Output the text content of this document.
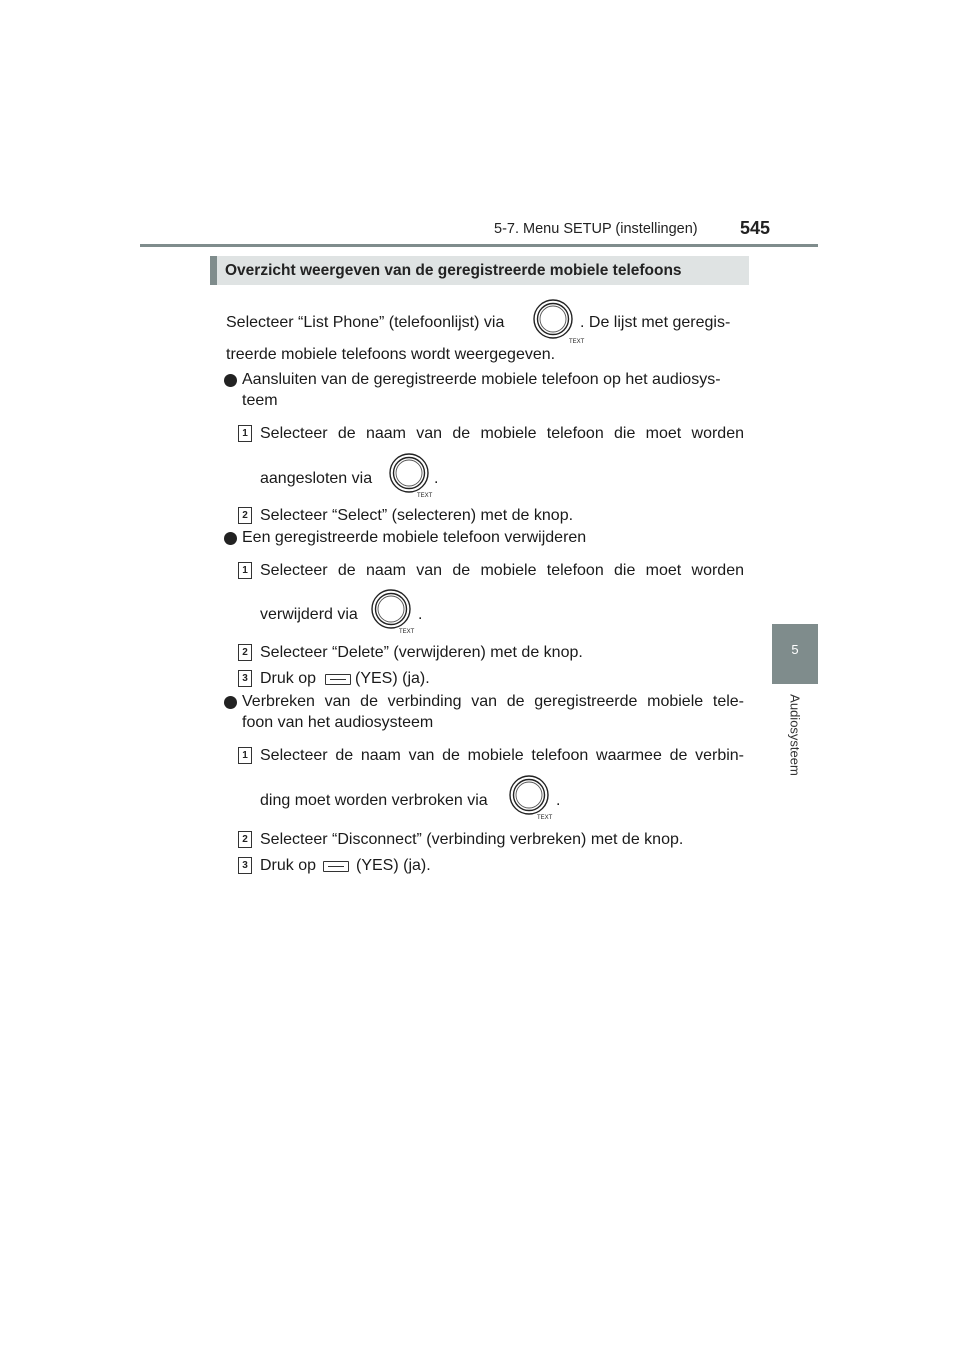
5-7. Menu SETUP (instellingen) 545
5
Audiosysteem
Overzicht weergeven van de geregistreerde mobiele telefoons
Selecteer “List Phone” (telefoonlijst) via
TEXT
. De lijst met geregis-
treerde mobiele telefoons wordt weergegeven.
Aansluiten van de geregistreerde mobiele telefoon op het audiosys-
teem
1 Selecteer de naam van de mobiele telefoon die moet worden
aangesloten via
TEXT
.
2 Selecteer “Select” (selecteren) met de knop.
Een geregistreerde mobiele telefoon verwijderen
1 Selecteer de naam van de mobiele telefoon die moet worden
verwijderd via
TEXT
.
2 Selecteer “Delete” (verwijderen) met de knop.
3 Druk op (YES) (ja).
Verbreken van de verbinding van de geregistreerde mobiele tele-
foon van het audiosysteem
1 Selecteer de naam van de mobiele telefoon waarmee de verbin-
ding moet worden verbroken via
TEXT
.
2 Selecteer “Disconnect” (verbinding verbreken) met de knop.
3 Druk op (YES) (ja).
